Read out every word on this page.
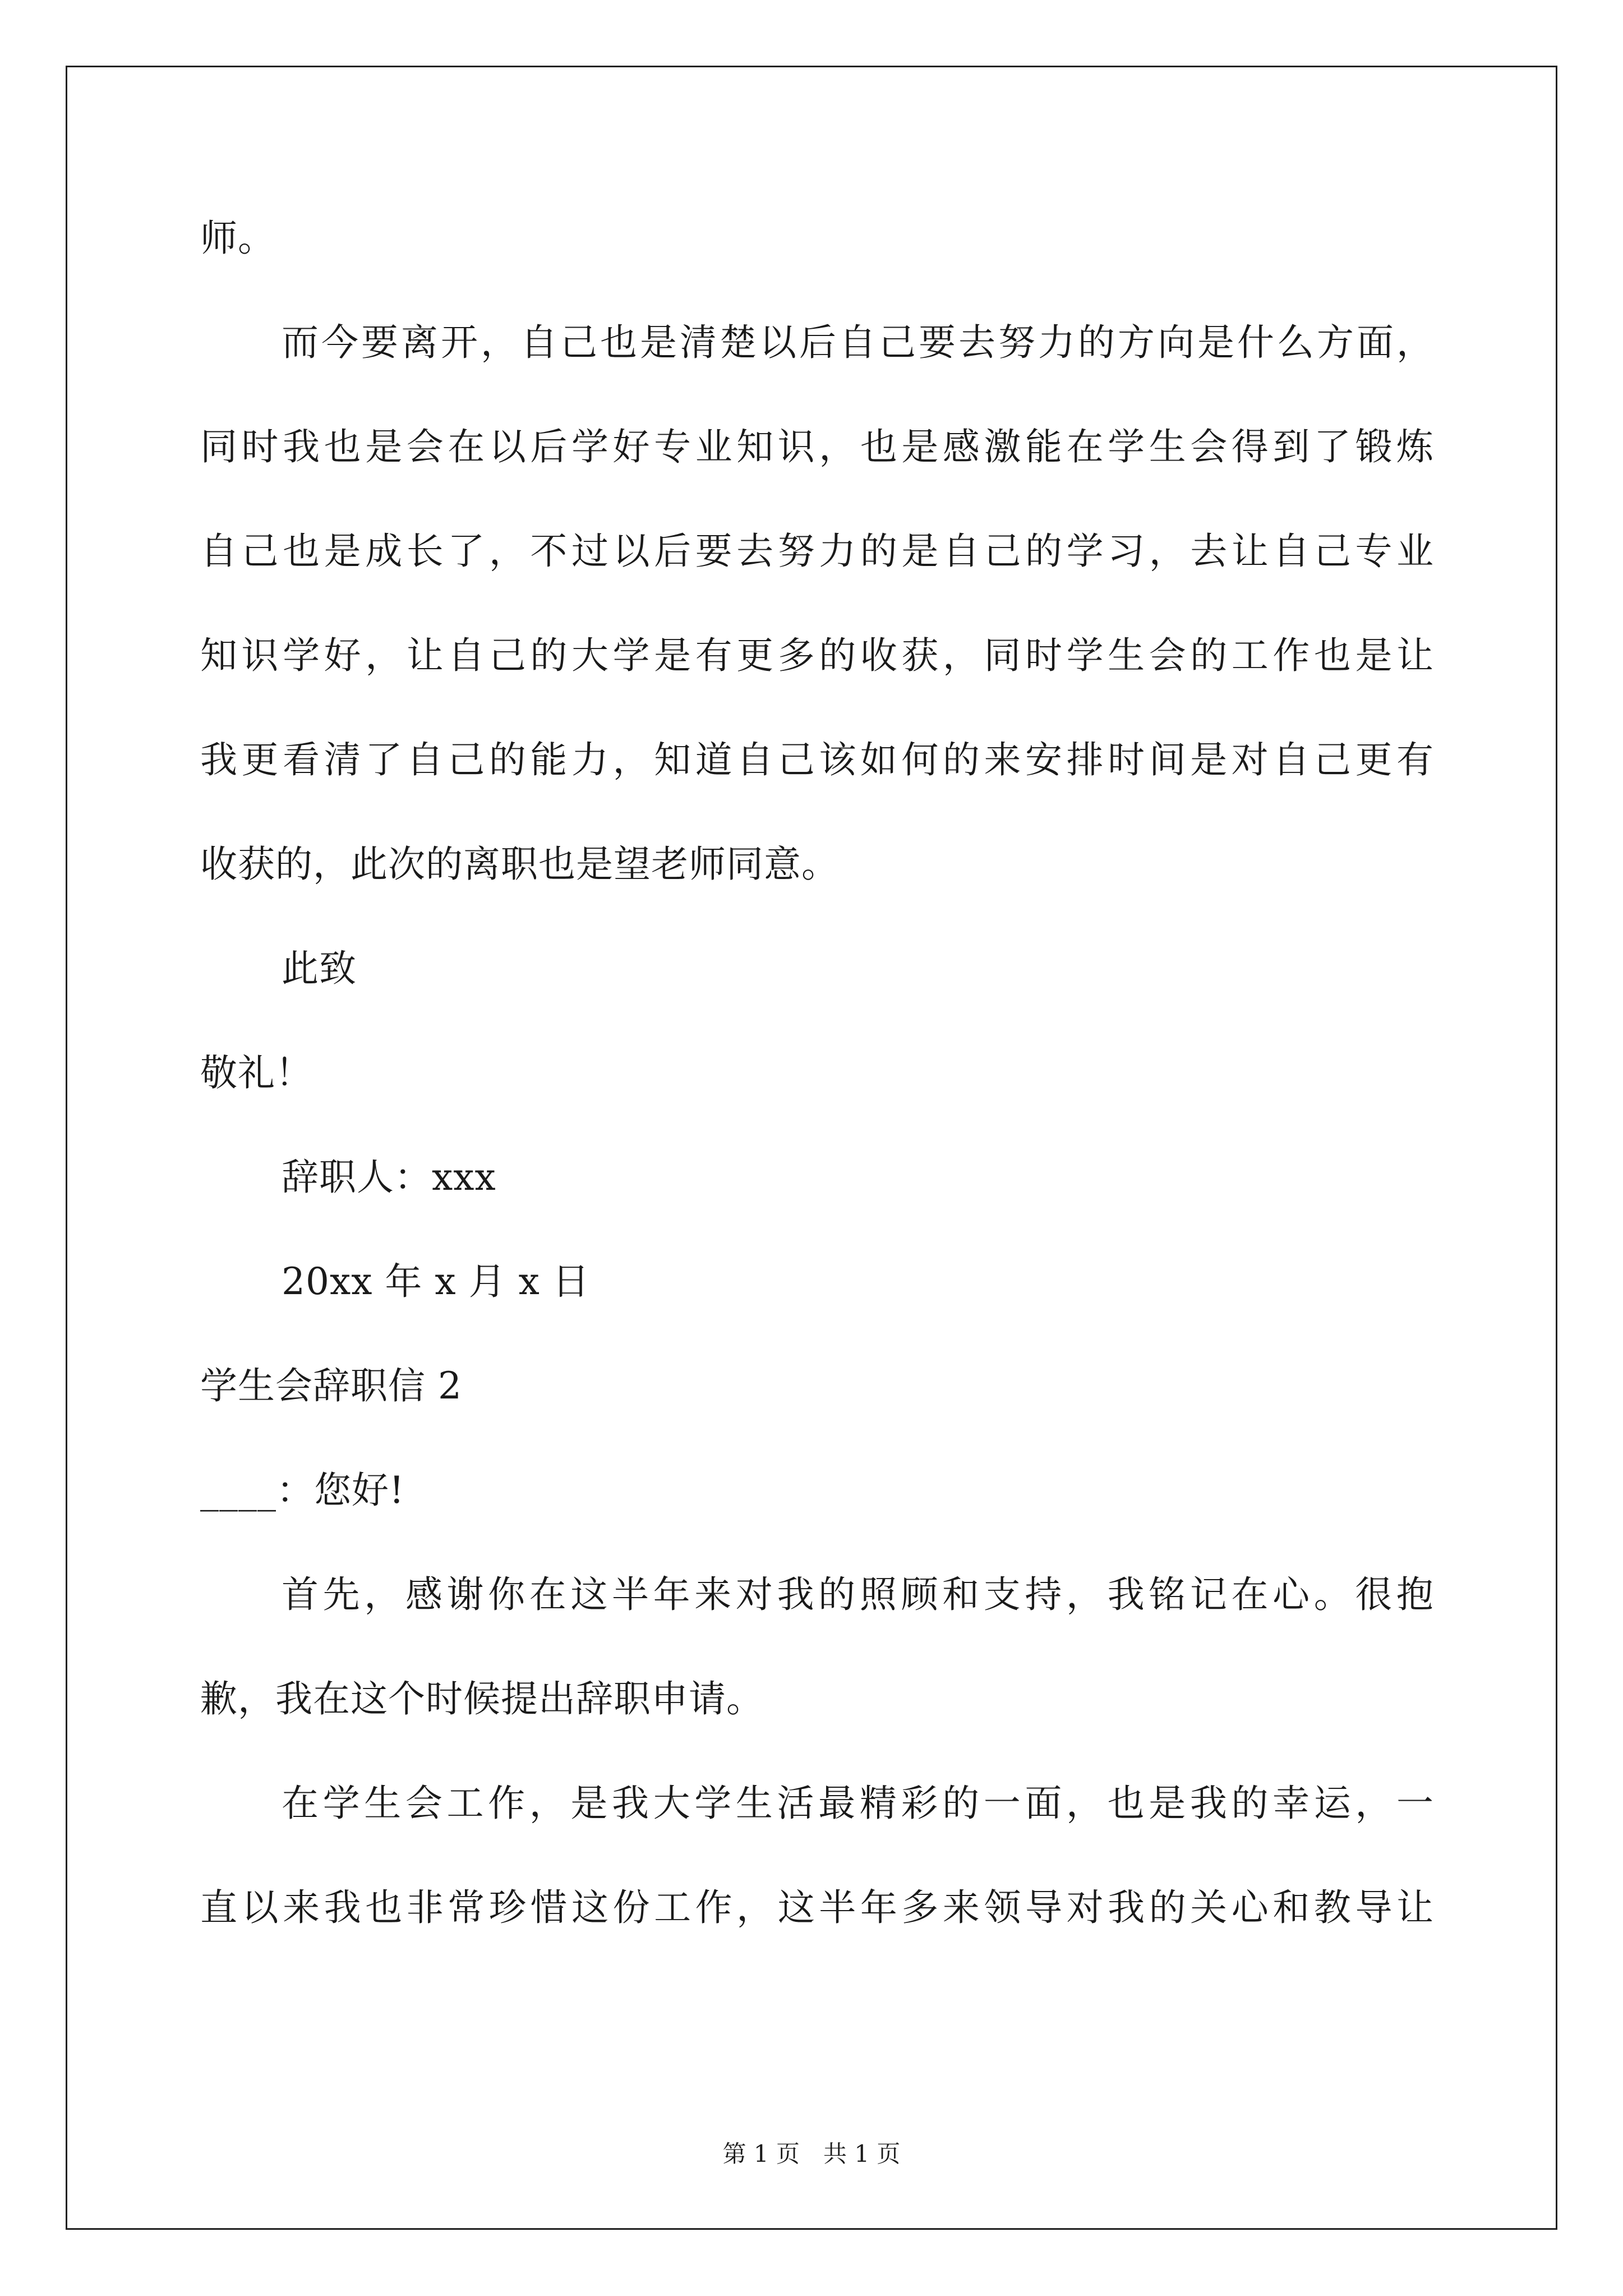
师。
而今要离开，自己也是清楚以后自己要去努力的方向是什么方面，
同时我也是会在以后学好专业知识，也是感激能在学生会得到了锻炼
自己也是成长了，不过以后要去努力的是自己的学习，去让自己专业
知识学好，让自己的大学是有更多的收获，同时学生会的工作也是让
我更看清了自己的能力，知道自己该如何的来安排时间是对自己更有
收获的，此次的离职也是望老师同意。
此致
敬礼！
辞职人：xxx
20xx 年 x 月 x 日
学生会辞职信 2
____：您好!
首先，感谢你在这半年来对我的照顾和支持，我铭记在心。很抱
歉，我在这个时候提出辞职申请。
在学生会工作，是我大学生活最精彩的一面，也是我的幸运，一
直以来我也非常珍惜这份工作，这半年多来领导对我的关心和教导让
第 1 页 共 1 页
